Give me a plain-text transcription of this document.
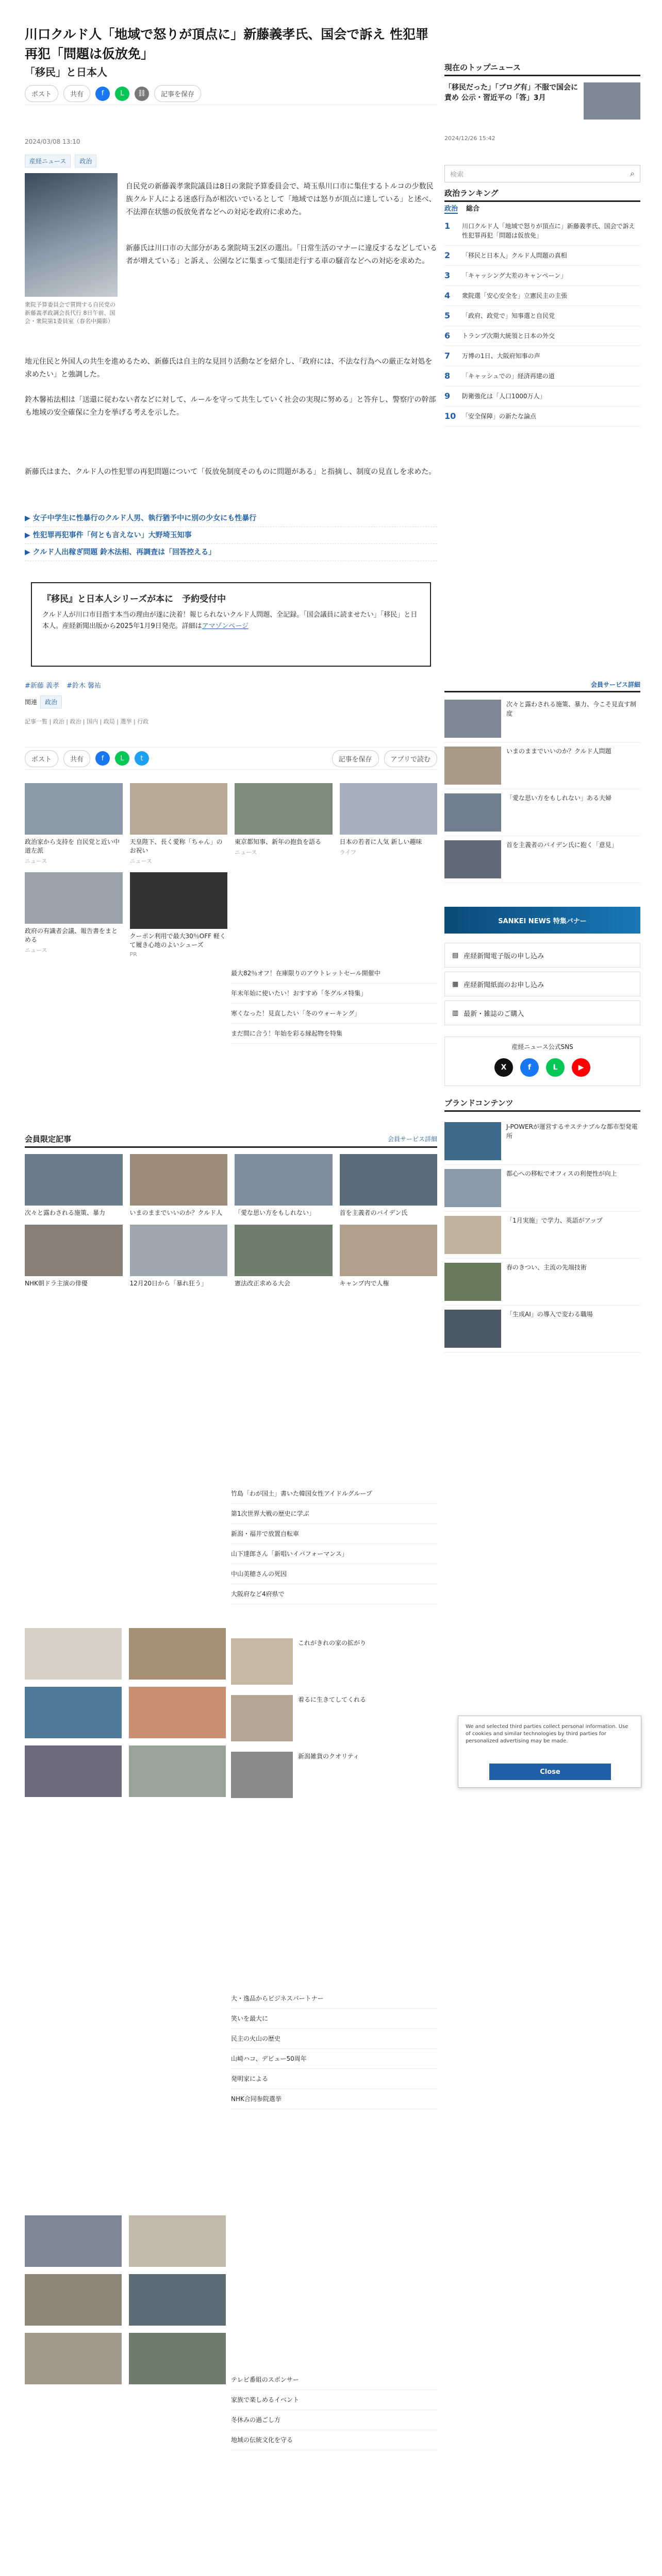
川口クルド人「地域で怒りが頂点に」新藤義孝氏、国会で訴え 性犯罪再犯「問題は仮放免」
「移民」と日本人
ポスト	共有	f	L	⛓	記事を保存
2024/03/08 13:10
産経ニュース	政治
衆院予算委員会で質問する自民党の新藤義孝政調会長代行 8日午前、国会・衆院第1委員室（春名中撮影）

自民党の新藤義孝衆院議員は8日の衆院予算委員会で、埼玉県川口市に集住するトルコの少数民族クルド人による迷惑行為が相次いでいるとして「地域では怒りが頂点に達している」と述べ、不法滞在状態の仮放免者などへの対応を政府に求めた。

新藤氏は川口市の大部分がある衆院埼玉2区の選出。「日常生活のマナーに違反するなどしている者が増えている」と訴え、公園などに集まって集団走行する車の騒音などへの対応を求めた。

地元住民と外国人の共生を進めるため、新藤氏は自主的な見回り活動などを紹介し、「政府には、不法な行為への厳正な対処を求めたい」と強調した。

鈴木馨祐法相は「送還に従わない者などに対して、ルールを守って共生していく社会の実現に努める」と答弁し、警察庁の幹部も地域の安全確保に全力を挙げる考えを示した。

新藤氏はまた、クルド人の性犯罪の再犯問題について「仮放免制度そのものに問題がある」と指摘し、制度の見直しを求めた。

▶ 女子中学生に性暴行のクルド人男、執行猶予中に別の少女にも性暴行
▶ 性犯罪再犯事件「何とも言えない」大野埼玉知事
▶ クルド人出稼ぎ問題 鈴木法相、再調査は「回答控える」
『移民』と日本人シリーズが本に　予約受付中

クルド人が川口市目指す本当の理由が遂に決着！報じられないクルド人問題、全記録。「国会議員に読ませたい」「移民」と日本人。産経新聞出版から2025年1月9日発売。詳細はアマゾンページ

#新藤 義孝 #鈴木 馨祐
関連	政治
記事一覧 | 政治 | 政治 | 国内 | 政局 | 選挙 | 行政
ポスト	共有	f	L	t	記事を保存	アプリで読む
政治家から支持を 自民党と近い中道左派
ニュース
天皇陛下、長く愛称「ちゃん」のお祝い
ニュース
東京都知事、新年の抱負を語る
ニュース
日本の若者に人気 新しい趣味
ライフ
政府の有識者会議、報告書をまとめる
ニュース
クーポン利用で最大30％OFF 軽くて履き心地のよいシューズ
PR
最大82％オフ！在庫限りのアウトレットセール開催中
年末年始に使いたい！おすすめ「冬グルメ特集」
寒くなった！見直したい「冬のウォーキング」
まだ間に合う！年始を彩る縁起物を特集
会員限定記事	会員サービス詳細
次々と露わされる施策、暴力	いまのままでいいのか？クルド人	「愛な思い方をもしれない」	首を主義者のバイデン氏
NHK朝ドラ主演の俳優	12月20日から「暴れ狂う」	憲法改正求める大会	キャンプ内で人権
竹島「わが国土」書いた韓国女性アイドルグループ
第1次世界大戦の歴史に学ぶ
新潟・福井で放置自転車
山下達郎さん「新唱いイバフォーマンス」
中山美穂さんの死因
大阪府など4府県で
これがきれの家の拡がり
着るに生きてしてくれる
新潟雑貨のクオリティ
大・逸品からビジネスパートナー
笑いを最大に
民主の火山の歴史
山崎ハコ、デビュー50周年
発明家による
NHK合同参院選挙
テレビ番組のスポンサー
家族で楽しめるイベント
冬休みの過ごし方
地域の伝統文化を守る
現在のトップニュース
「移民だった」「ブログ有」不服で国会に責め 公示・習近平の「答」3月
2024/12/26 15:42
検索	⌕
政治ランキング
政治 総合
1	川口クルド人「地域で怒りが頂点に」新藤義孝氏、国会で訴え 性犯罪再犯「問題は仮放免」
2	「移民と日本人」クルド人問題の真相
3	「キャッシング大差のキャンペーン」
4	衆院選「安心安全を」立憲民主の主張
5	「政府、政党で」知事選と自民党
6	トランプ次期大統領と日本の外交
7	万博の1日、大阪府知事の声
8	「キャッシュでの」経済再建の道
9	防衛強化は「人口1000万人」
10 「安全保障」の新たな論点
会員サービス詳細
次々と露わされる施策、暴力、今こそ見直す制度
いまのままでいいのか？クルド人問題
「愛な思い方をもしれない」ある夫婦
首を主義者のバイデン氏に抱く「意見」
SANKEI NEWS 特集バナー
▤ 産経新聞電子版の申し込み
▦ 産経新聞紙面のお申し込み
▥ 最新・雑誌のご購入
産経ニュース公式SNS
X	f	L	▶
ブランドコンテンツ
J-POWERが運営するサステナブルな都市型発電所
都心への移転でオフィスの利便性が向上
「1月実施」で学力、英語がアップ
春のきつい、主流の先端技術
「生成AI」の導入で変わる職場

We and selected third parties collect personal information. Use of cookies and similar technologies by third parties for personalized advertising may be made.

Close
